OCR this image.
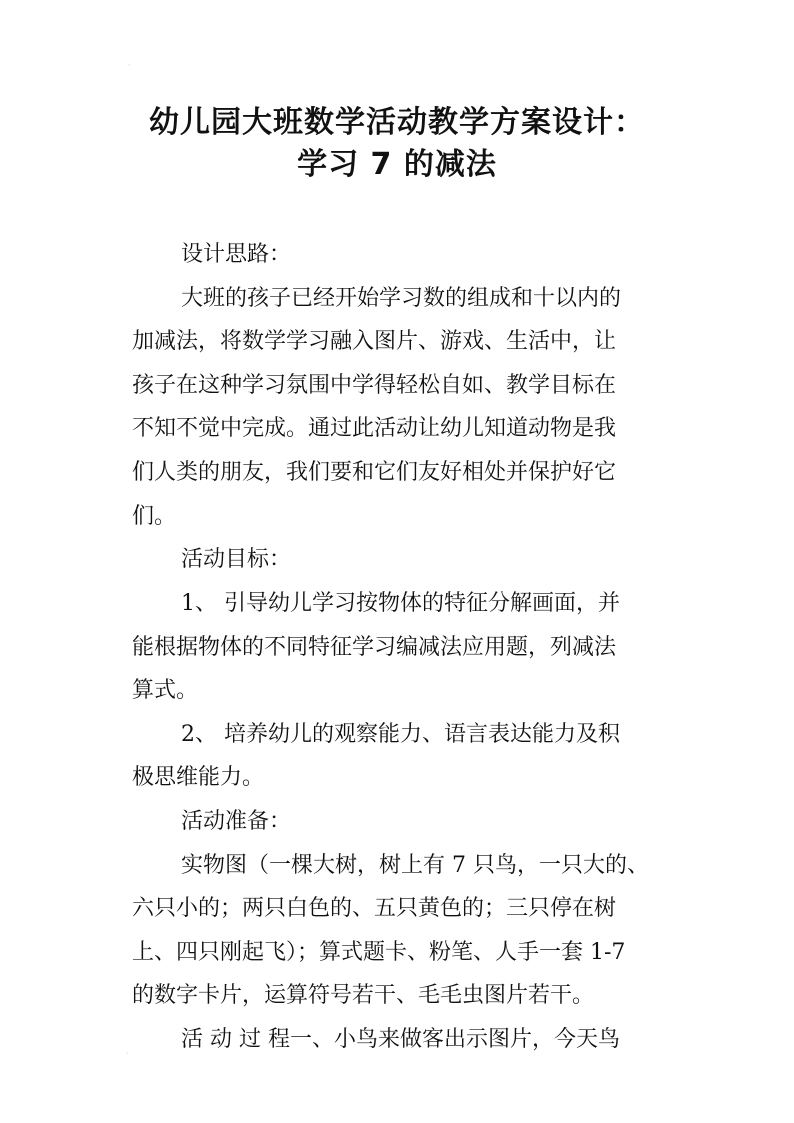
·
幼儿园大班数学活动教学方案设计：
学习 7 的减法

设计思路：

大班的孩子已经开始学习数的组成和十以内的

加减法，将数学学习融入图片、游戏、生活中，让

孩子在这种学习氛围中学得轻松自如、教学目标在

不知不觉中完成。通过此活动让幼儿知道动物是我

们人类的朋友，我们要和它们友好相处并保护好它

们。

活动目标：

1、 引导幼儿学习按物体的特征分解画面，并

能根据物体的不同特征学习编减法应用题，列减法

算式。

2、 培养幼儿的观察能力、语言表达能力及积

极思维能力。

活动准备：

实物图（一棵大树，树上有 7 只鸟，一只大的、

六只小的；两只白色的、五只黄色的；三只停在树

上、四只刚起飞）；算式题卡、粉笔、人手一套 1-7

的数字卡片，运算符号若干、毛毛虫图片若干。

活 动 过 程一、小鸟来做客出示图片，今天鸟

·
